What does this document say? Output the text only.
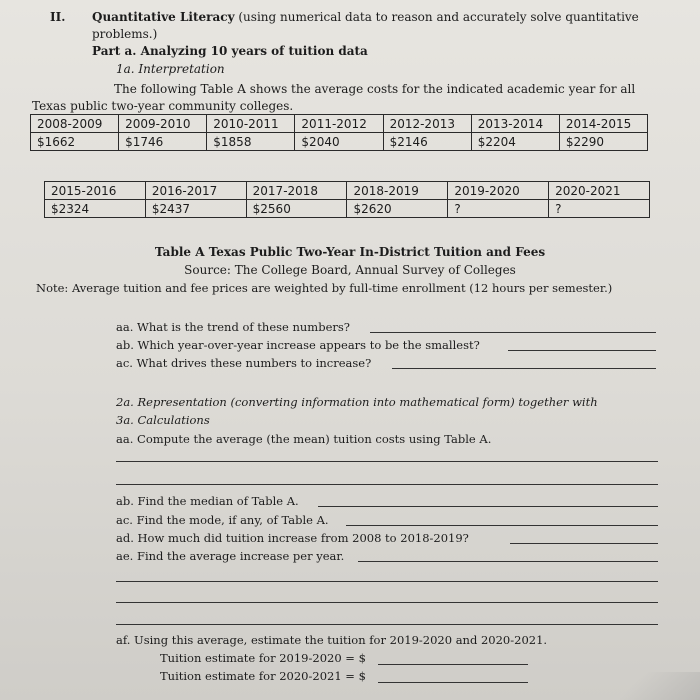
II. Quantitative Literacy (using numerical data to reason and accurately solve quantitative
problems.)
Part a. Analyzing 10 years of tuition data
1a. Interpretation
The following Table A shows the average costs for the indicated academic year for all
Texas public two-year community colleges.
2008-2009	2009-2010	2010-2011	2011-2012	2012-2013	2013-2014	2014-2015
$1662	$1746	$1858	$2040	$2146	$2204	$2290
2015-2016	2016-2017	2017-2018	2018-2019	2019-2020	2020-2021
$2324	$2437	$2560	$2620	?	?
Table A Texas Public Two-Year In-District Tuition and Fees
Source: The College Board, Annual Survey of Colleges
Note: Average tuition and fee prices are weighted by full-time enrollment (12 hours per semester.)
aa. What is the trend of these numbers?
ab. Which year-over-year increase appears to be the smallest?
ac. What drives these numbers to increase?
2a. Representation (converting information into mathematical form) together with
3a. Calculations
aa. Compute the average (the mean) tuition costs using Table A.
ab. Find the median of Table A.
ac. Find the mode, if any, of Table A.
ad. How much did tuition increase from 2008 to 2018-2019?
ae. Find the average increase per year.
af. Using this average, estimate the tuition for 2019-2020 and 2020-2021.
Tuition estimate for 2019-2020 = $
Tuition estimate for 2020-2021 = $
